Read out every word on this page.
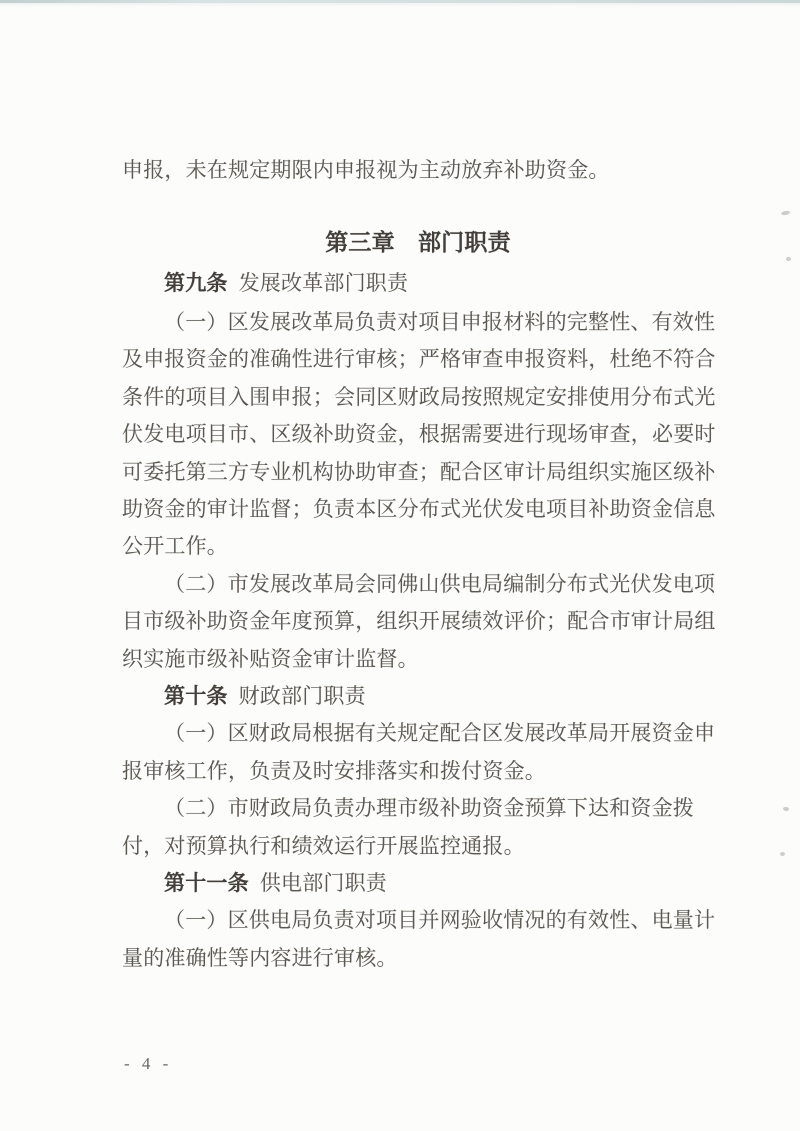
申报，未在规定期限内申报视为主动放弃补助资金。
第三章　部门职责
第九条 发展改革部门职责
（一）区发展改革局负责对项目申报材料的完整性、有效性
及申报资金的准确性进行审核；严格审查申报资料，杜绝不符合
条件的项目入围申报；会同区财政局按照规定安排使用分布式光
伏发电项目市、区级补助资金，根据需要进行现场审查，必要时
可委托第三方专业机构协助审查；配合区审计局组织实施区级补
助资金的审计监督；负责本区分布式光伏发电项目补助资金信息
公开工作。
（二）市发展改革局会同佛山供电局编制分布式光伏发电项
目市级补助资金年度预算，组织开展绩效评价；配合市审计局组
织实施市级补贴资金审计监督。
第十条 财政部门职责
（一）区财政局根据有关规定配合区发展改革局开展资金申
报审核工作，负责及时安排落实和拨付资金。
（二）市财政局负责办理市级补助资金预算下达和资金拨
付，对预算执行和绩效运行开展监控通报。
第十一条 供电部门职责
（一）区供电局负责对项目并网验收情况的有效性、电量计
量的准确性等内容进行审核。
- 4 -
